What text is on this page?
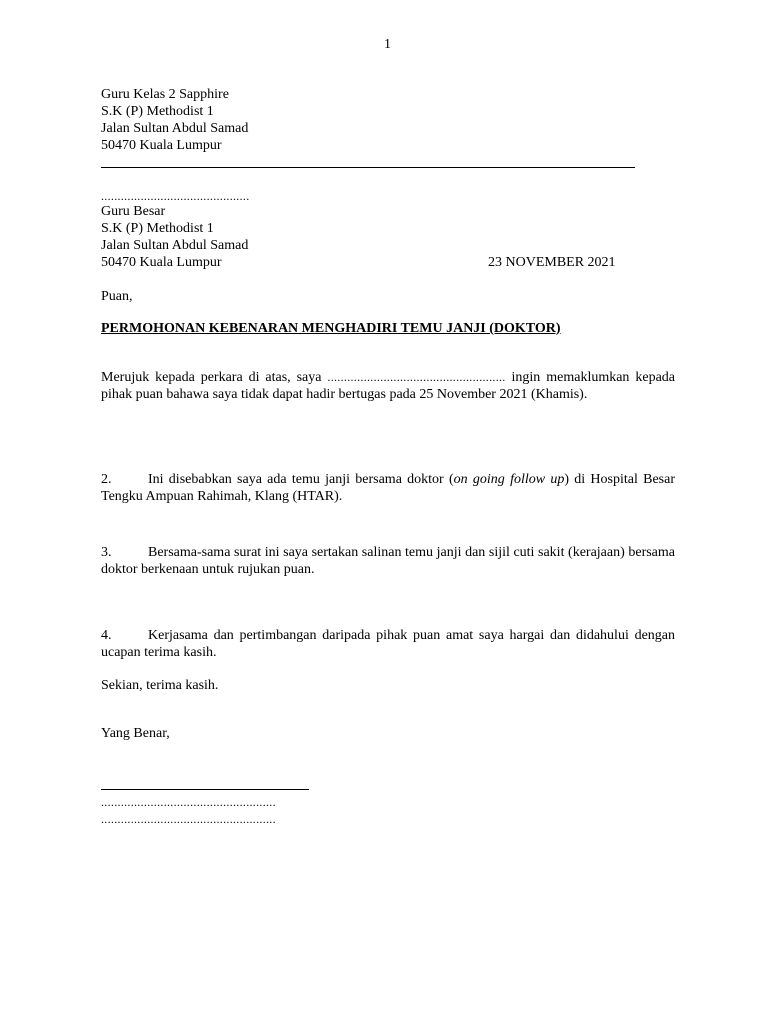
1
Guru Kelas 2 Sapphire
S.K (P) Methodist 1
Jalan Sultan Abdul Samad
50470 Kuala Lumpur
.............................................
Guru Besar
S.K (P) Methodist 1
Jalan Sultan Abdul Samad
50470 Kuala Lumpur	23 NOVEMBER 2021
Puan,
PERMOHONAN KEBENARAN MENGHADIRI TEMU JANJI (DOKTOR)
Merujuk kepada perkara di atas, saya ...................................................... ingin memaklumkan kepada pihak puan bahawa saya tidak dapat hadir bertugas pada 25 November 2021 (Khamis).
2.	Ini disebabkan saya ada temu janji bersama doktor (on going follow up) di Hospital Besar Tengku Ampuan Rahimah, Klang (HTAR).
3.	Bersama-sama surat ini saya sertakan salinan temu janji dan sijil cuti sakit (kerajaan) bersama doktor berkenaan untuk rujukan puan.
4.	Kerjasama dan pertimbangan daripada pihak puan amat saya hargai dan didahului dengan ucapan terima kasih.
Sekian, terima kasih.
Yang Benar,
.....................................................
.....................................................
